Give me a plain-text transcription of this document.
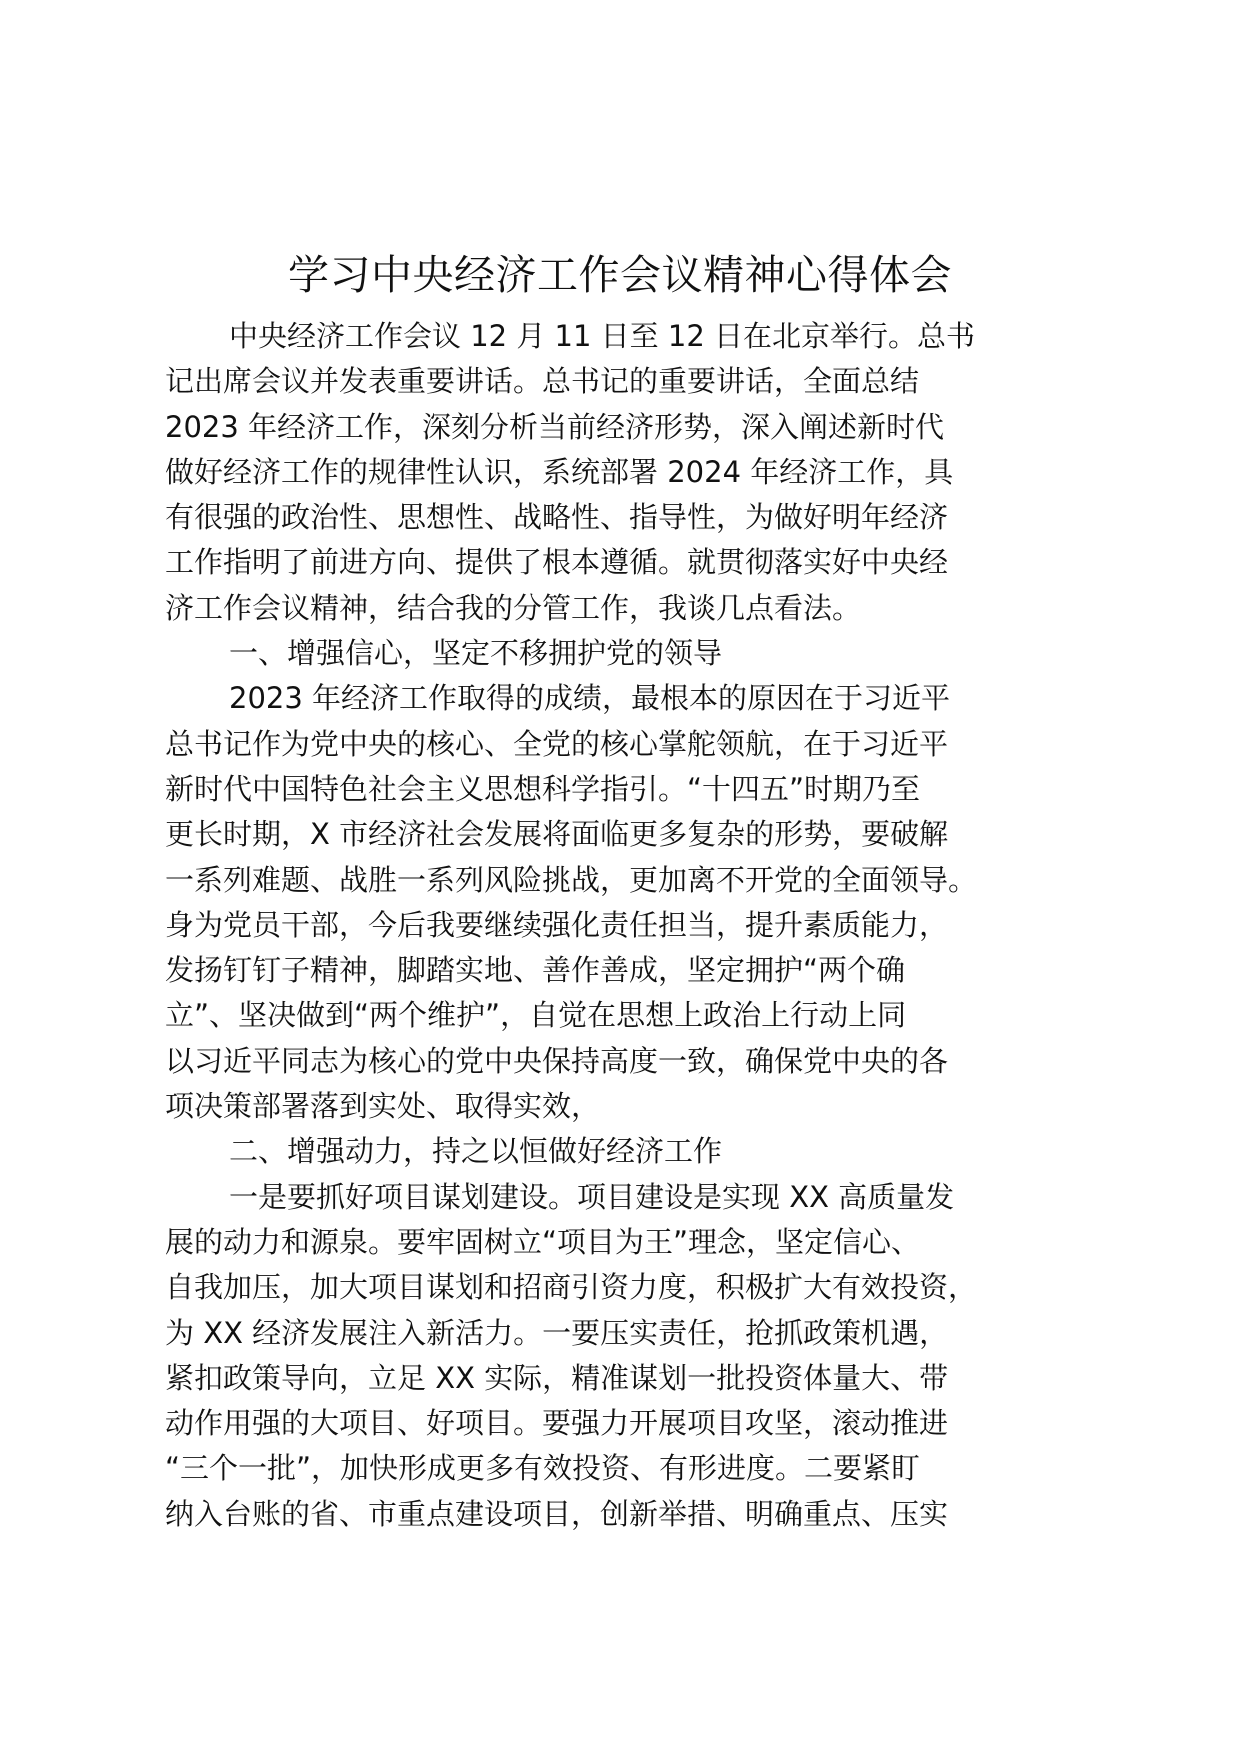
学习中央经济工作会议精神心得体会
中央经济工作会议 12 月 11 日至 12 日在北京举行。总书
记出席会议并发表重要讲话。总书记的重要讲话，全面总结
2023 年经济工作，深刻分析当前经济形势，深入阐述新时代
做好经济工作的规律性认识，系统部署 2024 年经济工作，具
有很强的政治性、思想性、战略性、指导性，为做好明年经济
工作指明了前进方向、提供了根本遵循。就贯彻落实好中央经
济工作会议精神，结合我的分管工作，我谈几点看法。
一、增强信心，坚定不移拥护党的领导
2023 年经济工作取得的成绩，最根本的原因在于习近平
总书记作为党中央的核心、全党的核心掌舵领航，在于习近平
新时代中国特色社会主义思想科学指引。“十四五”时期乃至
更长时期，X 市经济社会发展将面临更多复杂的形势，要破解
一系列难题、战胜一系列风险挑战，更加离不开党的全面领导。
身为党员干部，今后我要继续强化责任担当，提升素质能力，
发扬钉钉子精神，脚踏实地、善作善成，坚定拥护“两个确
立”、坚决做到“两个维护”，自觉在思想上政治上行动上同
以习近平同志为核心的党中央保持高度一致，确保党中央的各
项决策部署落到实处、取得实效，
二、增强动力，持之以恒做好经济工作
一是要抓好项目谋划建设。项目建设是实现 XX 高质量发
展的动力和源泉。要牢固树立“项目为王”理念，坚定信心、
自我加压，加大项目谋划和招商引资力度，积极扩大有效投资，
为 XX 经济发展注入新活力。一要压实责任，抢抓政策机遇，
紧扣政策导向，立足 XX 实际，精准谋划一批投资体量大、带
动作用强的大项目、好项目。要强力开展项目攻坚，滚动推进
“三个一批”，加快形成更多有效投资、有形进度。二要紧盯
纳入台账的省、市重点建设项目，创新举措、明确重点、压实
